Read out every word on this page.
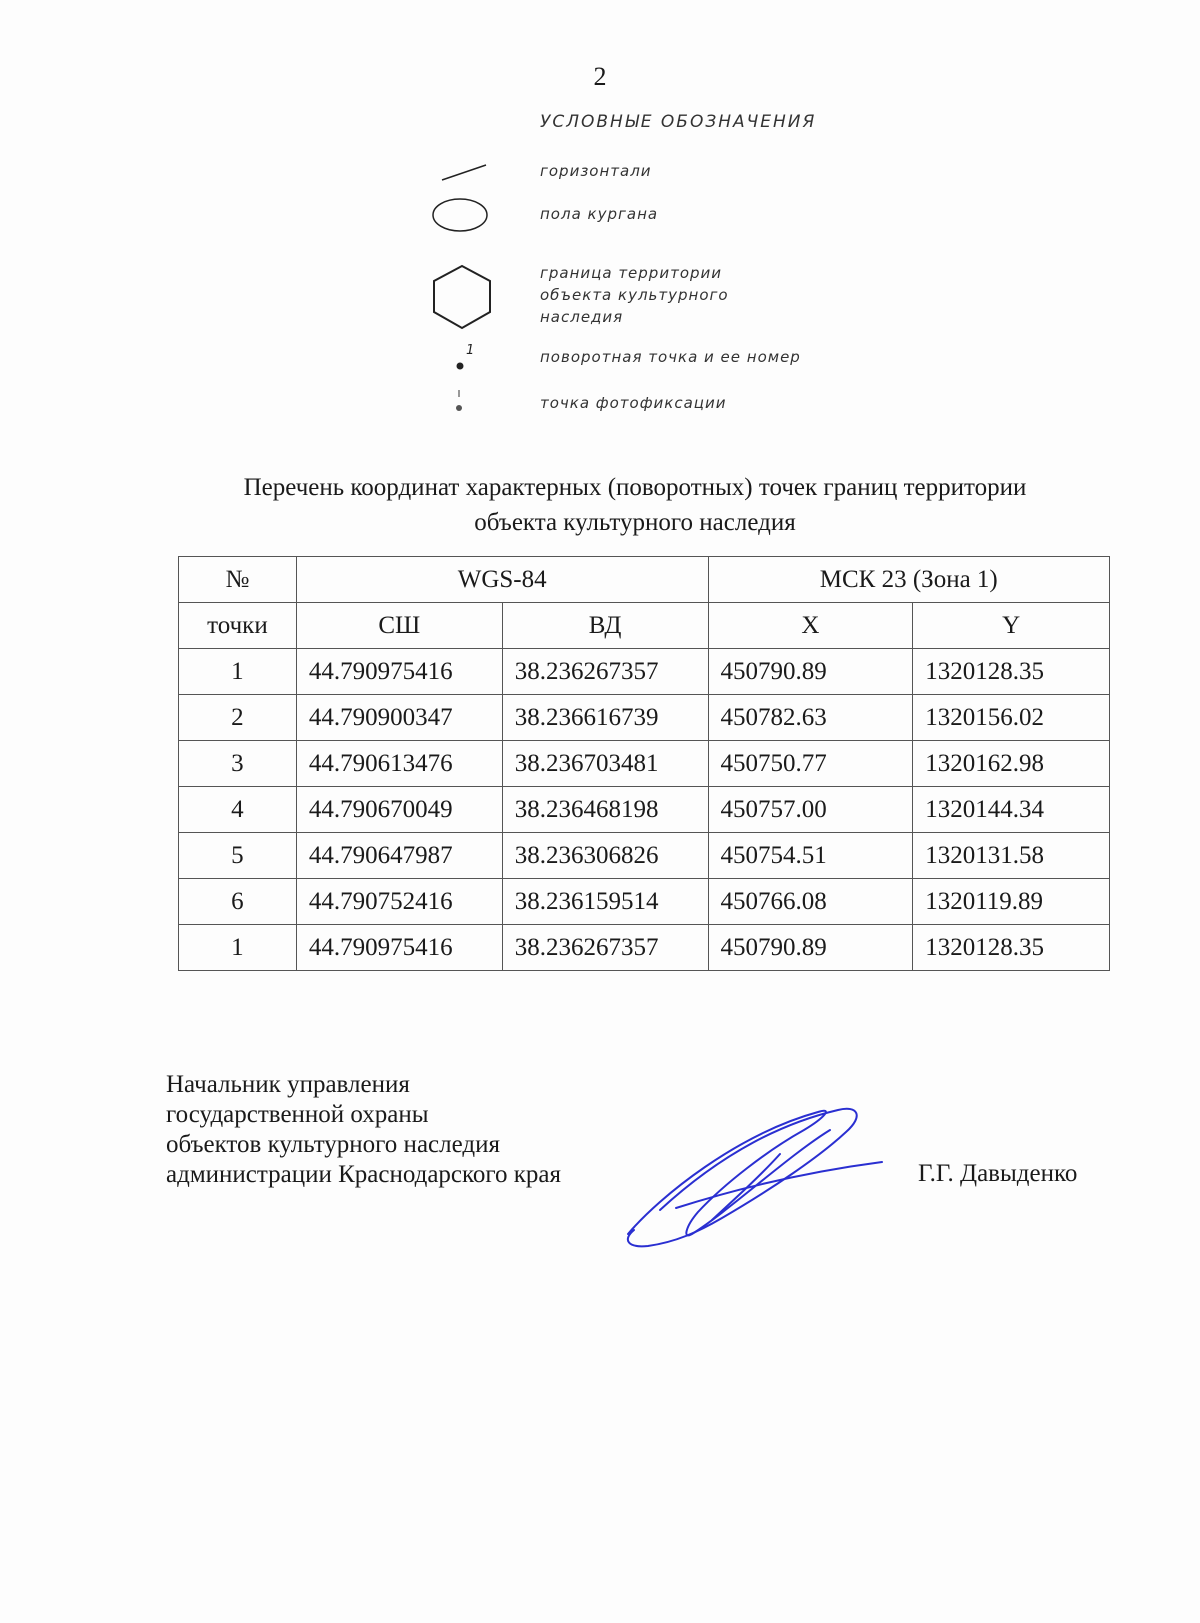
2
УСЛОВНЫЕ ОБОЗНАЧЕНИЯ
горизонтали
пола кургана
граница территории
объекта культурного
наследия
1	поворотная точка и ее номер
точка фотофиксации
Перечень координат характерных (поворотных) точек границ территории
объекта культурного наследия
№	WGS-84		МСК 23 (Зона 1)	
точки	СШ	ВД	X	Y
1	44.790975416	38.236267357	450790.89	1320128.35
2	44.790900347	38.236616739	450782.63	1320156.02
3	44.790613476	38.236703481	450750.77	1320162.98
4	44.790670049	38.236468198	450757.00	1320144.34
5	44.790647987	38.236306826	450754.51	1320131.58
6	44.790752416	38.236159514	450766.08	1320119.89
1	44.790975416	38.236267357	450790.89	1320128.35
Начальник управления
государственной охраны
объектов культурного наследия
администрации Краснодарского края	Г.Г. Давыденко
